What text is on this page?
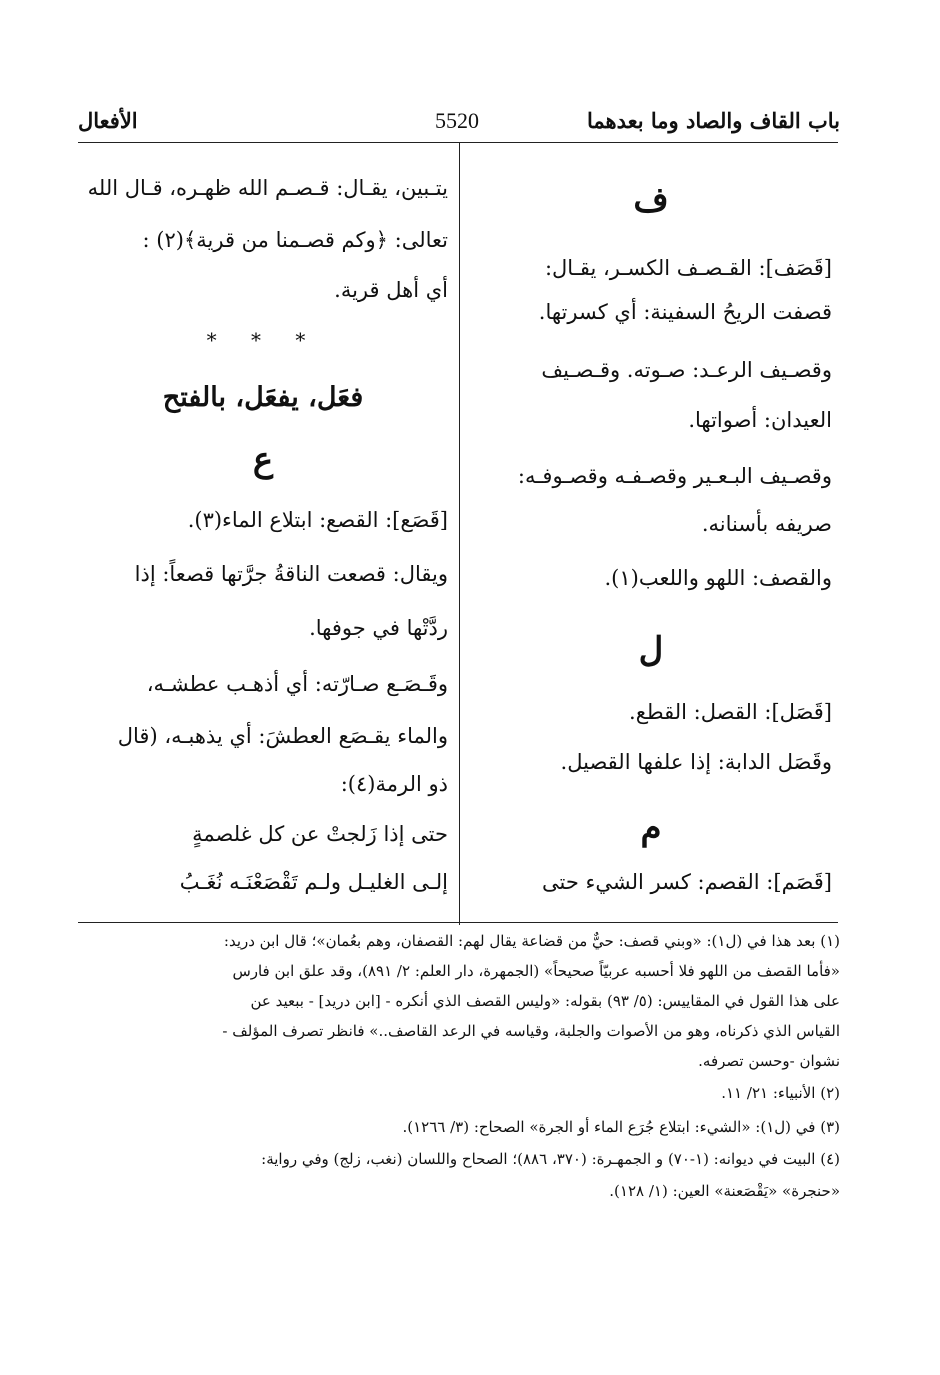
باب القاف والصاد وما بعدهما
5520
الأفعال
ف

[قَصَف]: القـصـف الكسـر، يقـال:

قصفت الريحُ السفينة: أي كسرتها.

وقصـيف الرعـد: صـوته. وقـصـيف

العيدان: أصواتها.

وقصـيف البـعـير وقصـفـه وقصـوفـه:

صريفه بأسنانه.

والقصف: اللهو واللعب(١).

ل

[قَصَل]: القصل: القطع.

وقَصَل الدابة: إذا علفها القصيل.

م

[قَصَم]: القصم: كسر الشيء حتى

يتـبين، يقـال: قـصـم الله ظهـره، قـال الله

تعالى: ﴿وكم قصـمنا من قرية﴾(٢) :

أي أهل قرية.

* * *
فعَل، يفعَل، بالفتح
ع

[قَصَع]: القصع: ابتلاع الماء(٣).

ويقال: قصعت الناقةُ جرَّتها قصعاً: إذا

ردَّتْها في جوفها.

وقَـصَـع صـارّته: أي أذهـب عطشـه،

والماء يقـصَع العطشَ: أي يذهبـه، (قال

ذو الرمة(٤):

حتى إذا زَلجتْ عن كل غلصمةٍ

إلـى الغليـل ولـم تَقْصَعْنَـه نُغَـبُ

(١) بعد هذا في (ل١): «وبني قصف: حيٌّ من قضاعة يقال لهم: القصفان، وهم بعُمان»؛ قال ابن دريد:

«فأما القصف من اللهو فلا أحسبه عربيّاً صحيحاً» (الجمهرة، دار العلم: ٢/ ٨٩١)، وقد علق ابن فارس

على هذا القول في المقاييس: (٥/ ٩٣) بقوله: «وليس القصف الذي أنكره - [ابن دريد] - ببعيد عن

القياس الذي ذكرناه، وهو من الأصوات والجلبة، وقياسه في الرعد القاصف..» فانظر تصرف المؤلف -

نشوان -وحسن تصرفه.

(٢) الأنبياء: ٢١/ ١١.

(٣) في (ل١): «الشيء: ابتلاع جُرَع الماء أو الجرة» الصحاح: (٣/ ١٢٦٦).

(٤) البيت في ديوانه: (١-٧٠) و الجمهـرة: (٣٧٠، ٨٨٦)؛ الصحاح واللسان (نغب، زلج) وفي رواية:

«حنجرة» «يَقْصَعنة» العين: (١/ ١٢٨).
